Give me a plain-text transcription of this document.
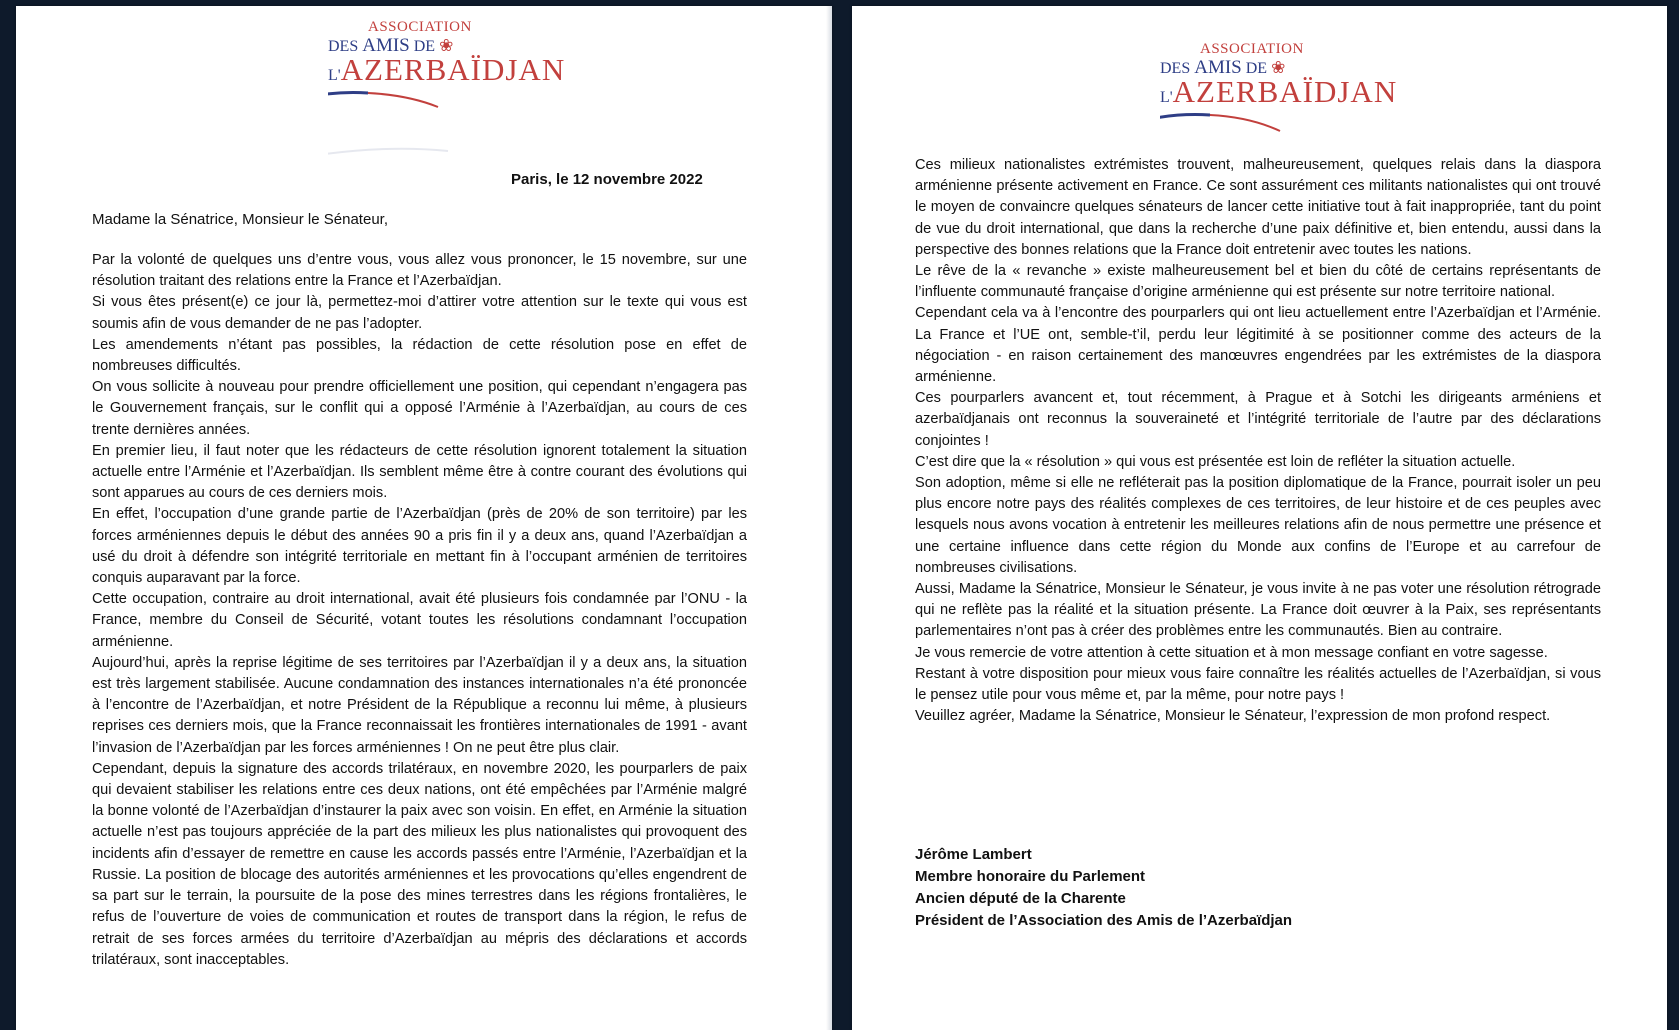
ASSOCIATION
DES AMIS DE ❀
L'AZERBAÏDJAN
Paris, le 12 novembre 2022
Madame la Sénatrice, Monsieur le Sénateur,

Par la volonté de quelques uns d’entre vous, vous allez vous prononcer, le 15 novembre, sur une résolution traitant des relations entre la France et l’Azerbaïdjan.

Si vous êtes présent(e) ce jour là, permettez-moi d’attirer votre attention sur le texte qui vous est soumis afin de vous demander de ne pas l’adopter.

Les amendements n’étant pas possibles, la rédaction de cette résolution pose en effet de nombreuses difficultés.

On vous sollicite à nouveau pour prendre officiellement une position, qui cependant n’engagera pas le Gouvernement français, sur le conflit qui a opposé l’Arménie à l’Azerbaïdjan, au cours de ces trente dernières années.

En premier lieu, il faut noter que les rédacteurs de cette résolution ignorent totalement la situation actuelle entre l’Arménie et l’Azerbaïdjan. Ils semblent même être à contre courant des évolutions qui sont apparues au cours de ces derniers mois.

En effet, l’occupation d’une grande partie de l’Azerbaïdjan (près de 20% de son territoire) par les forces arméniennes depuis le début des années 90 a pris fin il y a deux ans, quand l’Azerbaïdjan a usé du droit à défendre son intégrité territoriale en mettant fin à l’occupant arménien de territoires conquis auparavant par la force.

Cette occupation, contraire au droit international, avait été plusieurs fois condamnée par l’ONU - la France, membre du Conseil de Sécurité, votant toutes les résolutions condamnant l’occupation arménienne.

Aujourd’hui, après la reprise légitime de ses territoires par l’Azerbaïdjan il y a deux ans, la situation est très largement stabilisée. Aucune condamnation des instances internationales n’a été prononcée à l’encontre de l’Azerbaïdjan, et notre Président de la République a reconnu lui même, à plusieurs reprises ces derniers mois, que la France reconnaissait les frontières internationales de 1991 - avant l’invasion de l’Azerbaïdjan par les forces arméniennes ! On ne peut être plus clair.

Cependant, depuis la signature des accords trilatéraux, en novembre 2020, les pourparlers de paix qui devaient stabiliser les relations entre ces deux nations, ont été empêchées par l’Arménie malgré la bonne volonté de l’Azerbaïdjan d’instaurer la paix avec son voisin. En effet, en Arménie la situation actuelle n’est pas toujours appréciée de la part des milieux les plus nationalistes qui provoquent des incidents afin d’essayer de remettre en cause les accords passés entre l’Arménie, l’Azerbaïdjan et la Russie. La position de blocage des autorités arméniennes et les provocations qu’elles engendrent de sa part sur le terrain, la poursuite de la pose des mines terrestres dans les régions frontalières, le refus de l’ouverture de voies de communication et routes de transport dans la région, le refus de retrait de ses forces armées du territoire d’Azerbaïdjan au mépris des déclarations et accords trilatéraux, sont inacceptables.

ASSOCIATION
DES AMIS DE ❀
L'AZERBAÏDJAN

Ces milieux nationalistes extrémistes trouvent, malheureusement, quelques relais dans la diaspora arménienne présente activement en France. Ce sont assurément ces militants nationalistes qui ont trouvé le moyen de convaincre quelques sénateurs de lancer cette initiative tout à fait inappropriée, tant du point de vue du droit international, que dans la recherche d’une paix définitive et, bien entendu, aussi dans la perspective des bonnes relations que la France doit entretenir avec toutes les nations.

Le rêve de la « revanche » existe malheureusement bel et bien du côté de certains représentants de l’influente communauté française d’origine arménienne qui est présente sur notre territoire national.

Cependant cela va à l’encontre des pourparlers qui ont lieu actuellement entre l’Azerbaïdjan et l’Arménie. La France et l’UE ont, semble-t’il, perdu leur légitimité à se positionner comme des acteurs de la négociation - en raison certainement des manœuvres engendrées par les extrémistes de la diaspora arménienne.

Ces pourparlers avancent et, tout récemment, à Prague et à Sotchi les dirigeants arméniens et azerbaïdjanais ont reconnus la souveraineté et l’intégrité territoriale de l’autre par des déclarations conjointes !

C’est dire que la « résolution » qui vous est présentée est loin de refléter la situation actuelle.

Son adoption, même si elle ne refléterait pas la position diplomatique de la France, pourrait isoler un peu plus encore notre pays des réalités complexes de ces territoires, de leur histoire et de ces peuples avec lesquels nous avons vocation à entretenir les meilleures relations afin de nous permettre une présence et une certaine influence dans cette région du Monde aux confins de l’Europe et au carrefour de nombreuses civilisations.

Aussi, Madame la Sénatrice, Monsieur le Sénateur, je vous invite à ne pas voter une résolution rétrograde qui ne reflète pas la réalité et la situation présente. La France doit œuvrer à la Paix, ses représentants parlementaires n’ont pas à créer des problèmes entre les communautés. Bien au contraire.

Je vous remercie de votre attention à cette situation et à mon message confiant en votre sagesse.

Restant à votre disposition pour mieux vous faire connaître les réalités actuelles de l’Azerbaïdjan, si vous le pensez utile pour vous même et, par la même, pour notre pays !

Veuillez agréer, Madame la Sénatrice, Monsieur le Sénateur, l’expression de mon profond respect.

Jérôme Lambert
Membre honoraire du Parlement
Ancien député de la Charente
Président de l’Association des Amis de l’Azerbaïdjan
